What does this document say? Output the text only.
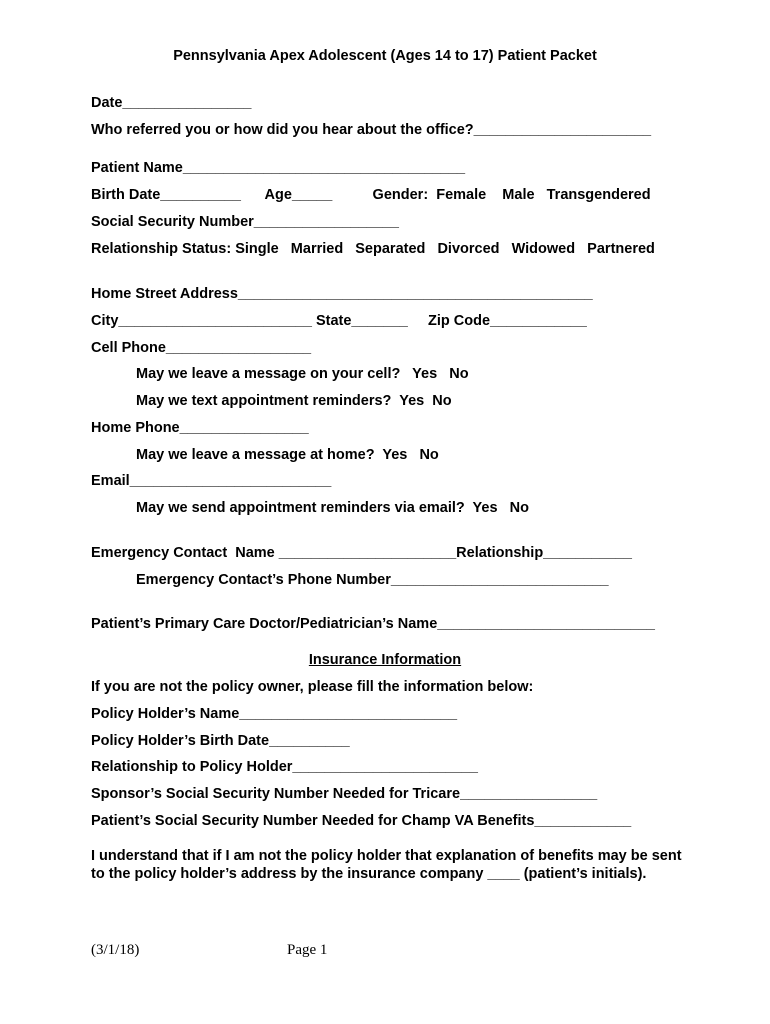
Pennsylvania Apex Adolescent (Ages 14 to 17) Patient Packet

Date________________

Who referred you or how did you hear about the office?______________________

Patient Name___________________________________

Birth Date__________      Age_____          Gender:  Female    Male   Transgendered

Social Security Number__________________

Relationship Status: Single   Married   Separated   Divorced   Widowed   Partnered

Home Street Address____________________________________________

City________________________ State_______     Zip Code____________

Cell Phone__________________

May we leave a message on your cell?   Yes   No

May we text appointment reminders?  Yes  No

Home Phone________________

May we leave a message at home?  Yes   No

Email_________________________

May we send appointment reminders via email?  Yes   No

Emergency Contact  Name ______________________Relationship___________

Emergency Contact’s Phone Number___________________________

Patient’s Primary Care Doctor/Pediatrician’s Name___________________________

Insurance Information

If you are not the policy owner, please fill the information below:

Policy Holder’s Name___________________________

Policy Holder’s Birth Date__________

Relationship to Policy Holder_______________________

Sponsor’s Social Security Number Needed for Tricare_________________

Patient’s Social Security Number Needed for Champ VA Benefits____________

I understand that if I am not the policy holder that explanation of benefits may be sent to the policy holder’s address by the insurance company ____ (patient’s initials).

(3/1/18)	Page 1
